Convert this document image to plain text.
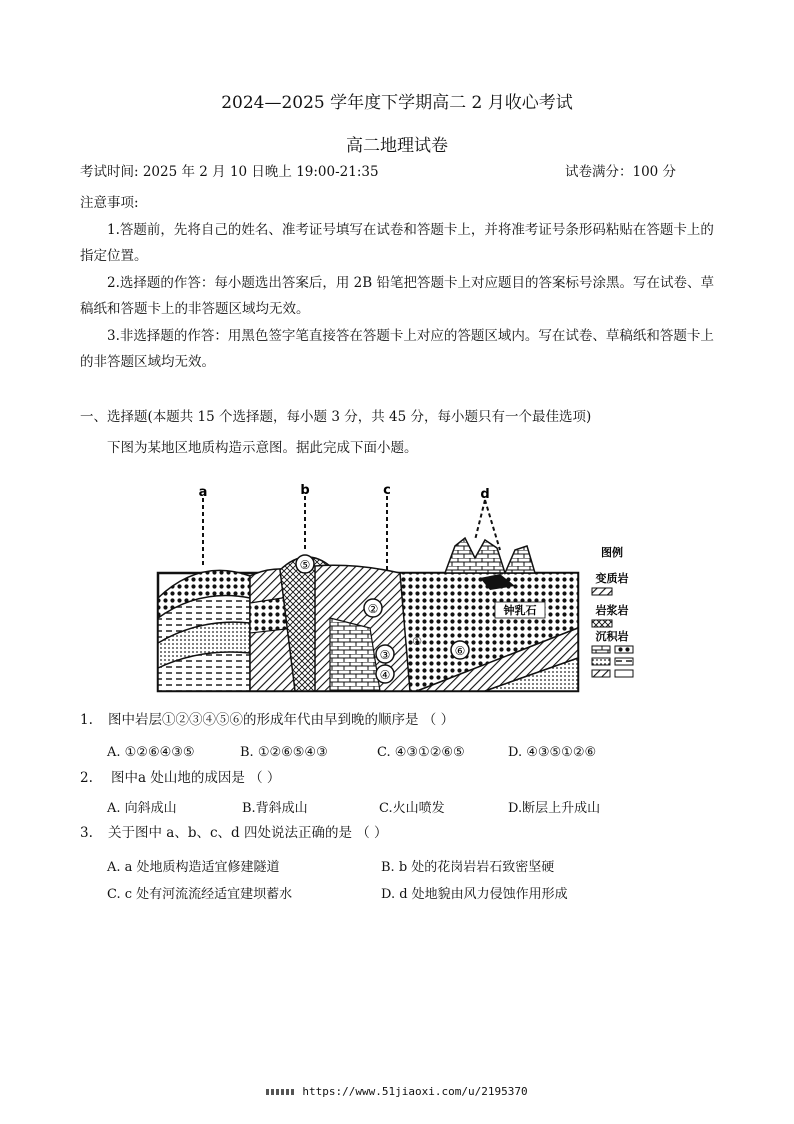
2024—2025 学年度下学期高二 2 月收心考试
高二地理试卷
考试时间: 2025 年 2 月 10 日晚上 19:00-21:35	试卷满分：100 分
注意事项:
1.答题前，先将自己的姓名、准考证号填写在试卷和答题卡上，并将准考证号条形码粘贴在答题卡上的指定位置。
2.选择题的作答：每小题选出答案后，用 2B 铅笔把答题卡上对应题目的答案标号涂黑。写在试卷、草稿纸和答题卡上的非答题区域均无效。
3.非选择题的作答：用黑色签字笔直接答在答题卡上对应的答题区域内。写在试卷、草稿纸和答题卡上的非答题区域均无效。
一、选择题(本题共 15 个选择题，每小题 3 分，共 45 分，每小题只有一个最佳选项)
下图为某地区地质构造示意图。据此完成下面小题。
a	b	c	d
⑤
②
①
③
④
⑥
钟乳石
图例
变质岩
岩浆岩
沉积岩
1. 图中岩层①②③④⑤⑥的形成年代由早到晚的顺序是 （ ）
A. ①②⑥④③⑤	B. ①②⑥⑤④③	C. ④③①②⑥⑤	D. ④③⑤①②⑥
2. 图中a 处山地的成因是 （ ）
A. 向斜成山	B.背斜成山	C.火山喷发	D.断层上升成山
3. 关于图中 a、b、c、d 四处说法正确的是 （ ）
A. a 处地质构造适宜修建隧道	B. b 处的花岗岩岩石致密坚硬
C. c 处有河流流经适宜建坝蓄水	D. d 处地貌由风力侵蚀作用形成
https://www.51jiaoxi.com/u/2195370
